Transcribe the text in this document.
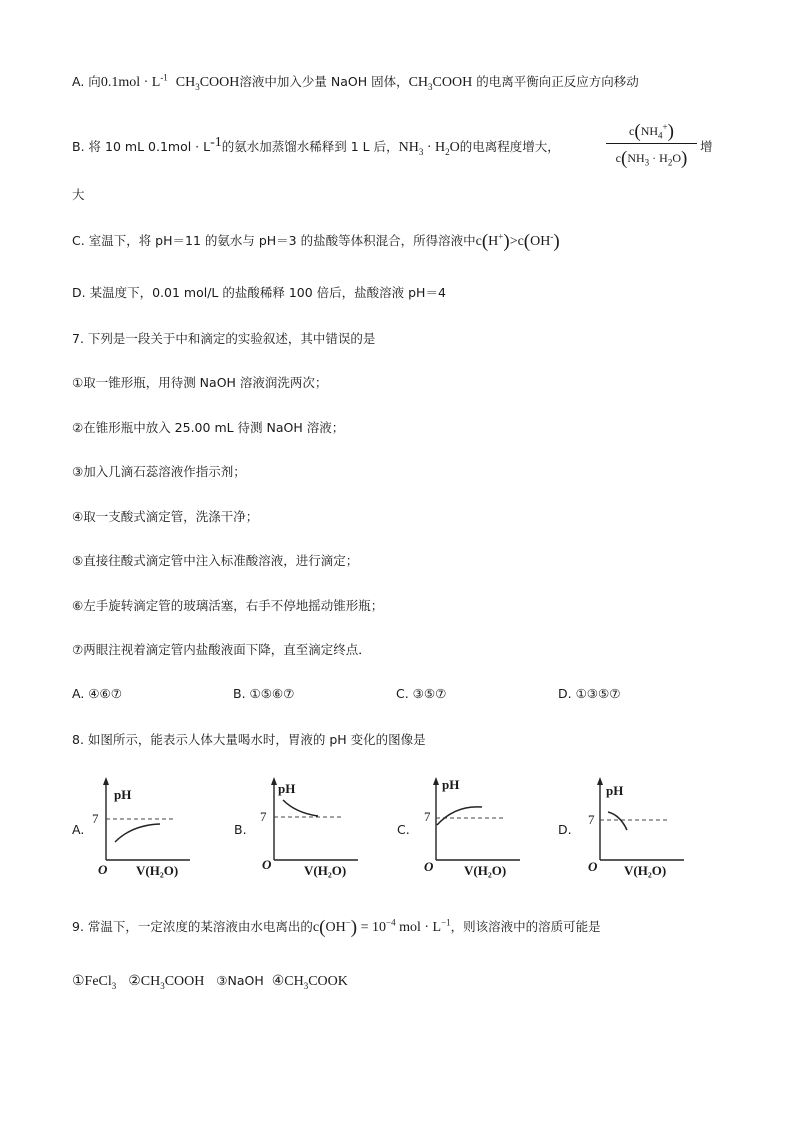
A. 向$0.1mol \cdot L^{-1}$ $CH_3COOH$溶液中加入少量 NaOH 固体，$CH_3COOH$ 的电离平衡向正反应方向移动
B. 将 10 mL $0.1mol \cdot L^{-1}$的氨水加蒸馏水稀释到 1 L 后，$NH_3 \cdot H_2O$的电离程度增大，
$c(NH_4^+)$
$c(NH_3 \cdot H_2O)$
增
大
C. 室温下，将 pH＝11 的氨水与 pH＝3 的盐酸等体积混合，所得溶液中c(H+)>c(OH-)
D. 某温度下，0.01 mol/L 的盐酸稀释 100 倍后，盐酸溶液 pH＝4
7. 下列是一段关于中和滴定的实验叙述，其中错误的是
①取一锥形瓶，用待测 NaOH 溶液润洗两次；
②在锥形瓶中放入 25.00 mL 待测 NaOH 溶液；
③加入几滴石蕊溶液作指示剂；
④取一支酸式滴定管，洗涤干净；
⑤直接往酸式滴定管中注入标准酸溶液，进行滴定；
⑥左手旋转滴定管的玻璃活塞，右手不停地摇动锥形瓶；
⑦两眼注视着滴定管内盐酸液面下降，直至滴定终点．
A. ④⑥⑦	B. ①⑤⑥⑦	C. ③⑤⑦	D. ①③⑤⑦
8. 如图所示，能表示人体大量喝水时，胃液的 pH 变化的图像是
A.
pH
7
O V(H₂O)
B.
pH
7
O	V(H₂O)
C.
pH
7
O V(H₂O)
D.
pH
7
O V(H₂O)
9. 常温下，一定浓度的某溶液由水电离出的$c(OH^-) = 10^{-4}$ mol · $L^{-1}$，则该溶液中的溶质可能是
①FeCl$_3$ $②CH_3COOH$ ③NaOH $④CH_3COOK$
